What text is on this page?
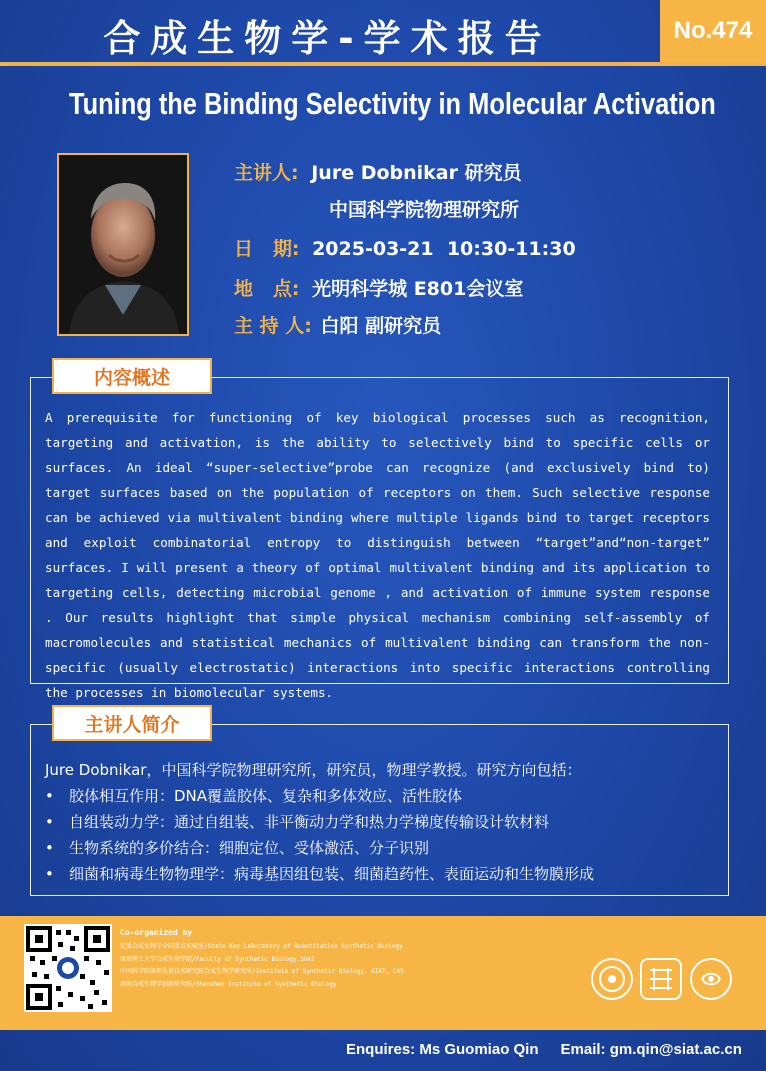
合成生物学-学术报告	No.474
Tuning the Binding Selectivity in Molecular Activation
主讲人: Jure Dobnikar 研究员
中国科学院物理研究所
日   期: 2025-03-21  10:30-11:30
地   点: 光明科学城 E801会议室
主 持 人: 白阳 副研究员
内容概述
A prerequisite for functioning of key biological processes such as recognition, targeting and activation, is the ability to selectively bind to specific cells or surfaces. An ideal “super-selective”probe can recognize (and exclusively bind to) target surfaces based on the population of receptors on them. Such selective response can be achieved via multivalent binding where multiple ligands bind to target receptors and exploit combinatorial entropy to distinguish between “target”and“non-target” surfaces. I will present a theory of optimal multivalent binding and its application to targeting cells, detecting microbial genome , and activation of immune system response . Our results highlight that simple physical mechanism combining self-assembly of macromolecules and statistical mechanics of multivalent binding can transform the non-specific (usually electrostatic) interactions into specific interactions controlling the processes in biomolecular systems.
主讲人简介
Jure Dobnikar，中国科学院物理研究所，研究员，物理学教授。研究方向包括：
• 胶体相互作用：DNA覆盖胶体、复杂和多体效应、活性胶体
• 自组装动力学：通过自组装、非平衡动力学和热力学梯度传输设计软材料
• 生物系统的多价结合：细胞定位、受体激活、分子识别
• 细菌和病毒生物物理学：病毒基因组包装、细菌趋药性、表面运动和生物膜形成
Co-organized by
定量合成生物学全国重点实验室/State Key Laboratory of Quantitative Synthetic Biology
深圳理工大学合成生物学院/Faculty of Synthetic Biology,SUAT
中国科学院深圳先进技术研究院合成生物学研究所/Institute of Synthetic Biology, SIAT, CAS
深圳合成生物学创新研究院/Shenzhen Institute of Synthetic Biology
Enquires: Ms Guomiao Qin Email: gm.qin@siat.ac.cn
